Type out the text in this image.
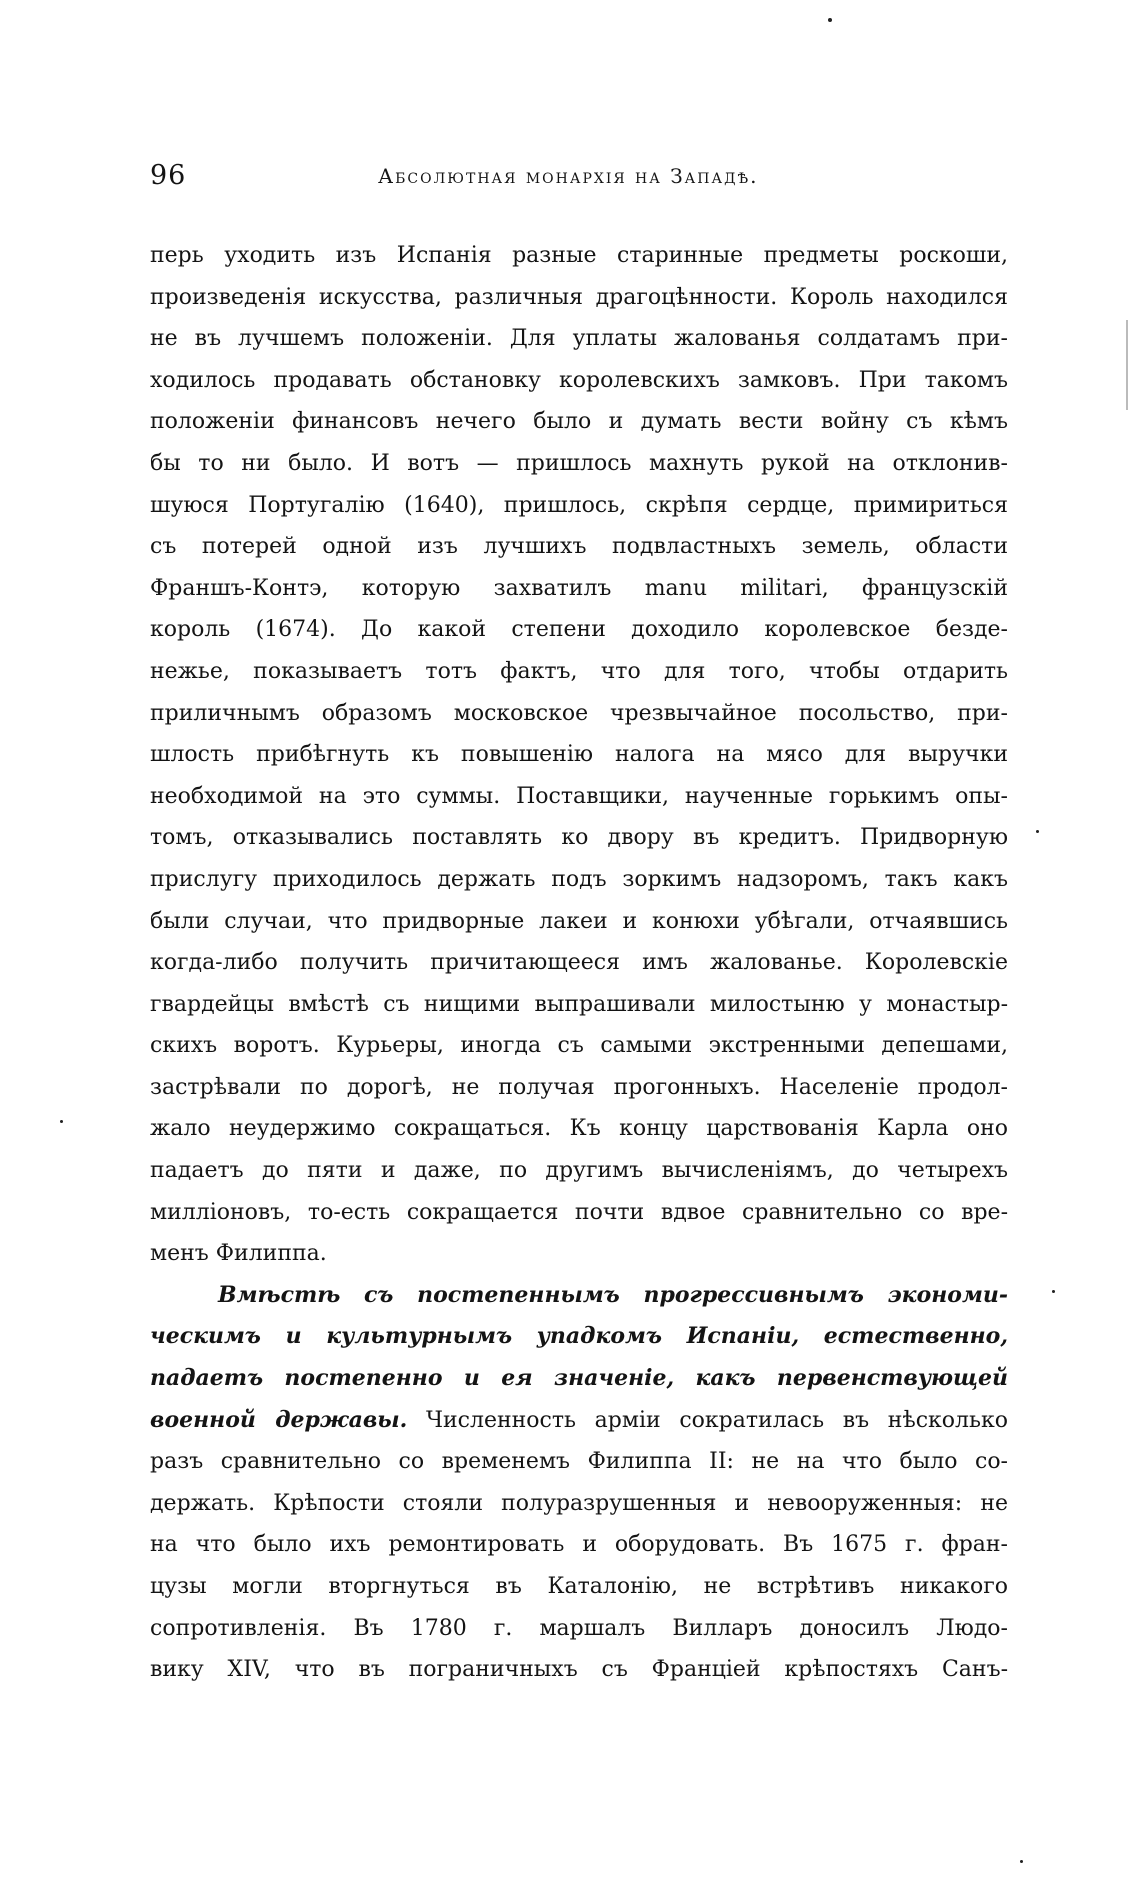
96	Абсолютная монархія на Западѣ.
перь уходить изъ Испанія разные старинные предметы роскоши,
произведенія искусства, различныя драгоцѣнности. Король находился
не въ лучшемъ положеніи. Для уплаты жалованья солдатамъ при-
ходилось продавать обстановку королевскихъ замковъ. При такомъ
положеніи финансовъ нечего было и думать вести войну съ кѣмъ
бы то ни было. И вотъ — пришлось махнуть рукой на отклонив-
шуюся Португалію (1640), пришлось, скрѣпя сердце, примириться
съ потерей одной изъ лучшихъ подвластныхъ земель, области
Франшъ-Контэ, которую захватилъ manu militari, французскій
король (1674). До какой степени доходило королевское безде-
нежье, показываетъ тотъ фактъ, что для того, чтобы отдарить
приличнымъ образомъ московское чрезвычайное посольство, при-
шлость прибѣгнуть къ повышенію налога на мясо для выручки
необходимой на это суммы. Поставщики, наученные горькимъ опы-
томъ, отказывались поставлять ко двору въ кредитъ. Придворную
прислугу приходилось держать подъ зоркимъ надзоромъ, такъ какъ
были случаи, что придворные лакеи и конюхи убѣгали, отчаявшись
когда-либо получить причитающееся имъ жалованье. Королевскіе
гвардейцы вмѣстѣ съ нищими выпрашивали милостыню у монастыр-
скихъ воротъ. Курьеры, иногда съ самыми экстренными депешами,
застрѣвали по дорогѣ, не получая прогонныхъ. Населеніе продол-
жало неудержимо сокращаться. Къ концу царствованія Карла оно
падаетъ до пяти и даже, по другимъ вычисленіямъ, до четырехъ
милліоновъ, то-есть сокращается почти вдвое сравнительно со вре-
менъ Филиппа.
Вмѣстѣ съ постепеннымъ прогрессивнымъ экономи-
ческимъ и культурнымъ упадкомъ Испаніи, естественно,
падаетъ постепенно и ея значеніе, какъ первенствующей
военной державы. Численность арміи сократилась въ нѣсколько
разъ сравнительно со временемъ Филиппа II: не на что было со-
держать. Крѣпости стояли полуразрушенныя и невооруженныя: не
на что было ихъ ремонтировать и оборудовать. Въ 1675 г. фран-
цузы могли вторгнуться въ Каталонію, не встрѣтивъ никакого
сопротивленія. Въ 1780 г. маршалъ Вилларъ доносилъ Людо-
вику XIV, что въ пограничныхъ съ Франціей крѣпостяхъ Санъ-
